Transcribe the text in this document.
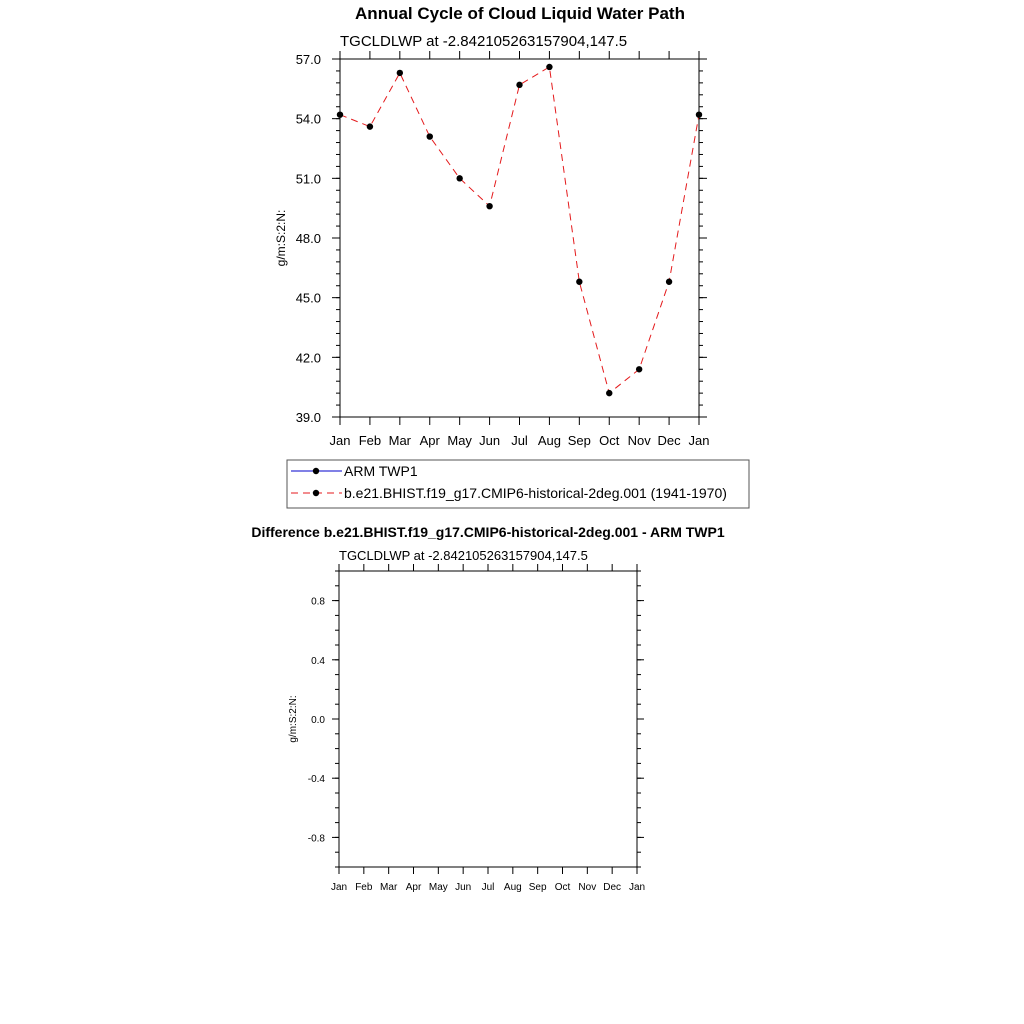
Annual Cycle of Cloud Liquid Water Path
TGCLDLWP at -2.842105263157904,147.5
57.0
54.0
51.0
48.0
45.0
42.0
39.0
Jan Feb Mar Apr May Jun Jul Aug Sep Oct Nov Dec Jan
g/m:S:2:N:
ARM TWP1
b.e21.BHIST.f19_g17.CMIP6-historical-2deg.001 (1941-1970)
Difference b.e21.BHIST.f19_g17.CMIP6-historical-2deg.001 - ARM TWP1
TGCLDLWP at -2.842105263157904,147.5
0.8
0.4
0.0
-0.4
-0.8
Jan Feb Mar Apr May Jun Jul Aug Sep Oct Nov Dec Jan
g/m:S:2:N:
